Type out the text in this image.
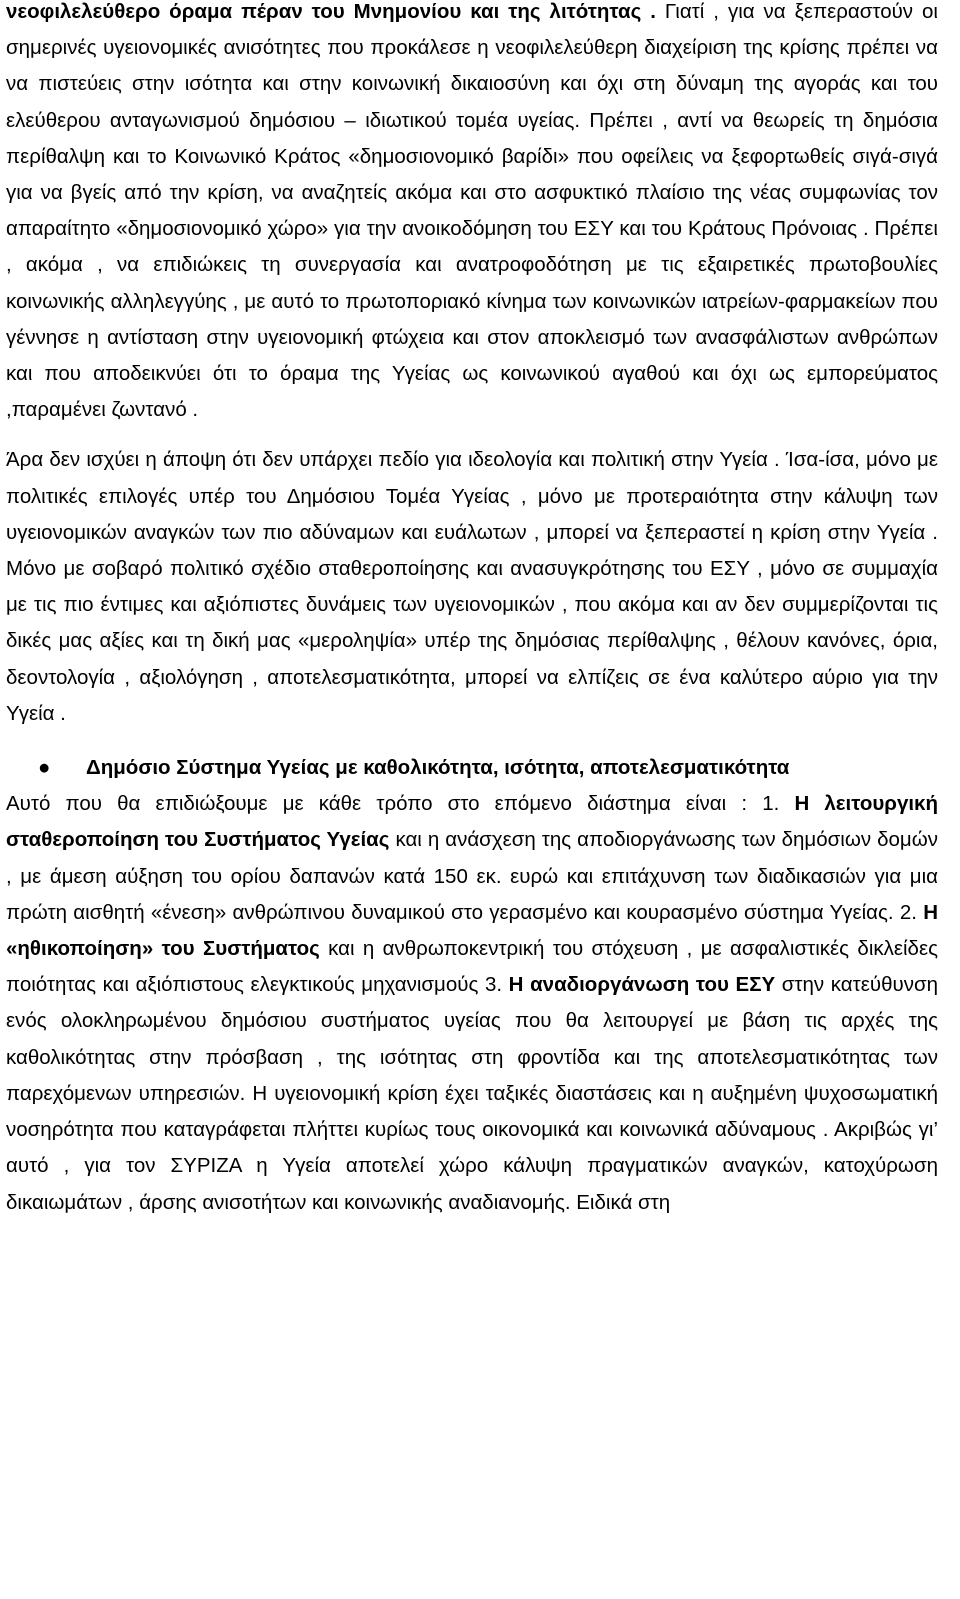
νεοφιλελεύθερο όραμα πέραν του Μνημονίου και της λιτότητας . Γιατί , για να ξεπεραστούν οι σημερινές υγειονομικές ανισότητες που προκάλεσε η νεοφιλελεύθερη διαχείριση της κρίσης πρέπει να να πιστεύεις στην ισότητα και στην κοινωνική δικαιοσύνη και όχι στη δύναμη της αγοράς και του ελεύθερου ανταγωνισμού δημόσιου – ιδιωτικού τομέα υγείας. Πρέπει , αντί να θεωρείς τη δημόσια περίθαλψη και το Κοινωνικό Κράτος «δημοσιονομικό βαρίδι» που οφείλεις να ξεφορτωθείς σιγά-σιγά για να βγείς από την κρίση, να αναζητείς ακόμα και στο ασφυκτικό πλαίσιο της νέας συμφωνίας τον απαραίτητο «δημοσιονομικό χώρο» για την ανοικοδόμηση του ΕΣΥ και του Κράτους Πρόνοιας . Πρέπει , ακόμα , να επιδιώκεις τη συνεργασία και ανατροφοδότηση με τις εξαιρετικές πρωτοβουλίες κοινωνικής αλληλεγγύης , με αυτό το πρωτοποριακό κίνημα των κοινωνικών ιατρείων-φαρμακείων που γέννησε η αντίσταση στην υγειονομική φτώχεια και στον αποκλεισμό των ανασφάλιστων ανθρώπων και που αποδεικνύει ότι το όραμα της Υγείας ως κοινωνικού αγαθού και όχι ως εμπορεύματος ,παραμένει ζωντανό .

Άρα δεν ισχύει η άποψη ότι δεν υπάρχει πεδίο για ιδεολογία και πολιτική στην Υγεία . Ίσα-ίσα, μόνο με πολιτικές επιλογές υπέρ του Δημόσιου Τομέα Υγείας , μόνο με προτεραιότητα στην κάλυψη των υγειονομικών αναγκών των πιο αδύναμων και ευάλωτων , μπορεί να ξεπεραστεί η κρίση στην Υγεία . Μόνο με σοβαρό πολιτικό σχέδιο σταθεροποίησης και ανασυγκρότησης του ΕΣΥ , μόνο σε συμμαχία με τις πιο έντιμες και αξιόπιστες δυνάμεις των υγειονομικών , που ακόμα και αν δεν συμμερίζονται τις δικές μας αξίες και τη δική μας «μεροληψία» υπέρ της δημόσιας περίθαλψης , θέλουν κανόνες, όρια, δεοντολογία , αξιολόγηση , αποτελεσματικότητα, μπορεί να ελπίζεις σε ένα καλύτερο αύριο για την Υγεία .

● Δημόσιο Σύστημα Υγείας με καθολικότητα, ισότητα, αποτελεσματικότητα

Αυτό που θα επιδιώξουμε με κάθε τρόπο στο επόμενο διάστημα είναι : 1. Η λειτουργική σταθεροποίηση του Συστήματος Υγείας και η ανάσχεση της αποδιοργάνωσης των δημόσιων δομών , με άμεση αύξηση του ορίου δαπανών κατά 150 εκ. ευρώ και επιτάχυνση των διαδικασιών για μια πρώτη αισθητή «ένεση» ανθρώπινου δυναμικού στο γερασμένο και κουρασμένο σύστημα Υγείας. 2. Η «ηθικοποίηση» του Συστήματος και η ανθρωποκεντρική του στόχευση , με ασφαλιστικές δικλείδες ποιότητας και αξιόπιστους ελεγκτικούς μηχανισμούς 3. Η αναδιοργάνωση του ΕΣΥ στην κατεύθυνση ενός ολοκληρωμένου δημόσιου συστήματος υγείας που θα λειτουργεί με βάση τις αρχές της καθολικότητας στην πρόσβαση , της ισότητας στη φροντίδα και της αποτελεσματικότητας των παρεχόμενων υπηρεσιών. Η υγειονομική κρίση έχει ταξικές διαστάσεις και η αυξημένη ψυχοσωματική νοσηρότητα που καταγράφεται πλήττει κυρίως τους οικονομικά και κοινωνικά αδύναμους . Ακριβώς γι’ αυτό , για τον ΣΥΡΙΖΑ η Υγεία αποτελεί χώρο κάλυψη πραγματικών αναγκών, κατοχύρωση δικαιωμάτων , άρσης ανισοτήτων και κοινωνικής αναδιανομής. Ειδικά στη
